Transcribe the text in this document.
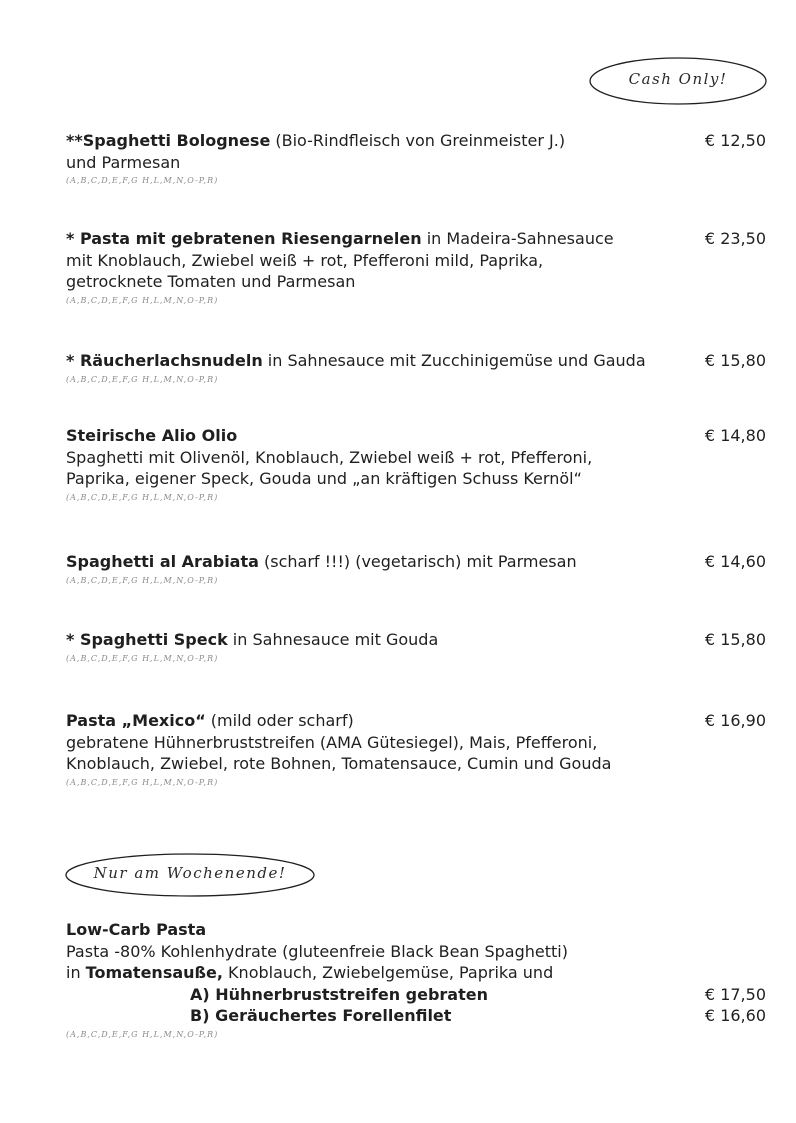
Cash Only!
**Spaghetti Bolognese (Bio-Rindfleisch von Greinmeister J.)
und Parmesan
(A,B,C,D,E,F,G H,L,M,N,O-P,R)
€ 12,50
* Pasta mit gebratenen Riesengarnelen in Madeira-Sahnesauce
mit Knoblauch, Zwiebel weiß + rot, Pfefferoni mild, Paprika,
getrocknete Tomaten und Parmesan
(A,B,C,D,E,F,G H,L,M,N,O-P,R)
€ 23,50
* Räucherlachsnudeln in Sahnesauce mit Zucchinigemüse und Gauda
(A,B,C,D,E,F,G H,L,M,N,O-P,R)
€ 15,80
Steirische Alio Olio
Spaghetti mit Olivenöl, Knoblauch, Zwiebel weiß + rot, Pfefferoni,
Paprika, eigener Speck, Gouda und „an kräftigen Schuss Kernöl“
(A,B,C,D,E,F,G H,L,M,N,O-P,R)
€ 14,80
Spaghetti al Arabiata (scharf !!!) (vegetarisch) mit Parmesan
(A,B,C,D,E,F,G H,L,M,N,O-P,R)
€ 14,60
* Spaghetti Speck in Sahnesauce mit Gouda
(A,B,C,D,E,F,G H,L,M,N,O-P,R)
€ 15,80
Pasta „Mexico“ (mild oder scharf)
gebratene Hühnerbruststreifen (AMA Gütesiegel), Mais, Pfefferoni,
Knoblauch, Zwiebel, rote Bohnen, Tomatensauce, Cumin und Gouda
(A,B,C,D,E,F,G H,L,M,N,O-P,R)
€ 16,90
Nur am Wochenende!
Low-Carb Pasta
Pasta -80% Kohlenhydrate (gluteenfreie Black Bean Spaghetti)
in Tomatensauße, Knoblauch, Zwiebelgemüse, Paprika und
A) Hühnerbruststreifen gebraten
B) Geräuchertes Forellenfilet
(A,B,C,D,E,F,G H,L,M,N,O-P,R)
€ 17,50
€ 16,60
